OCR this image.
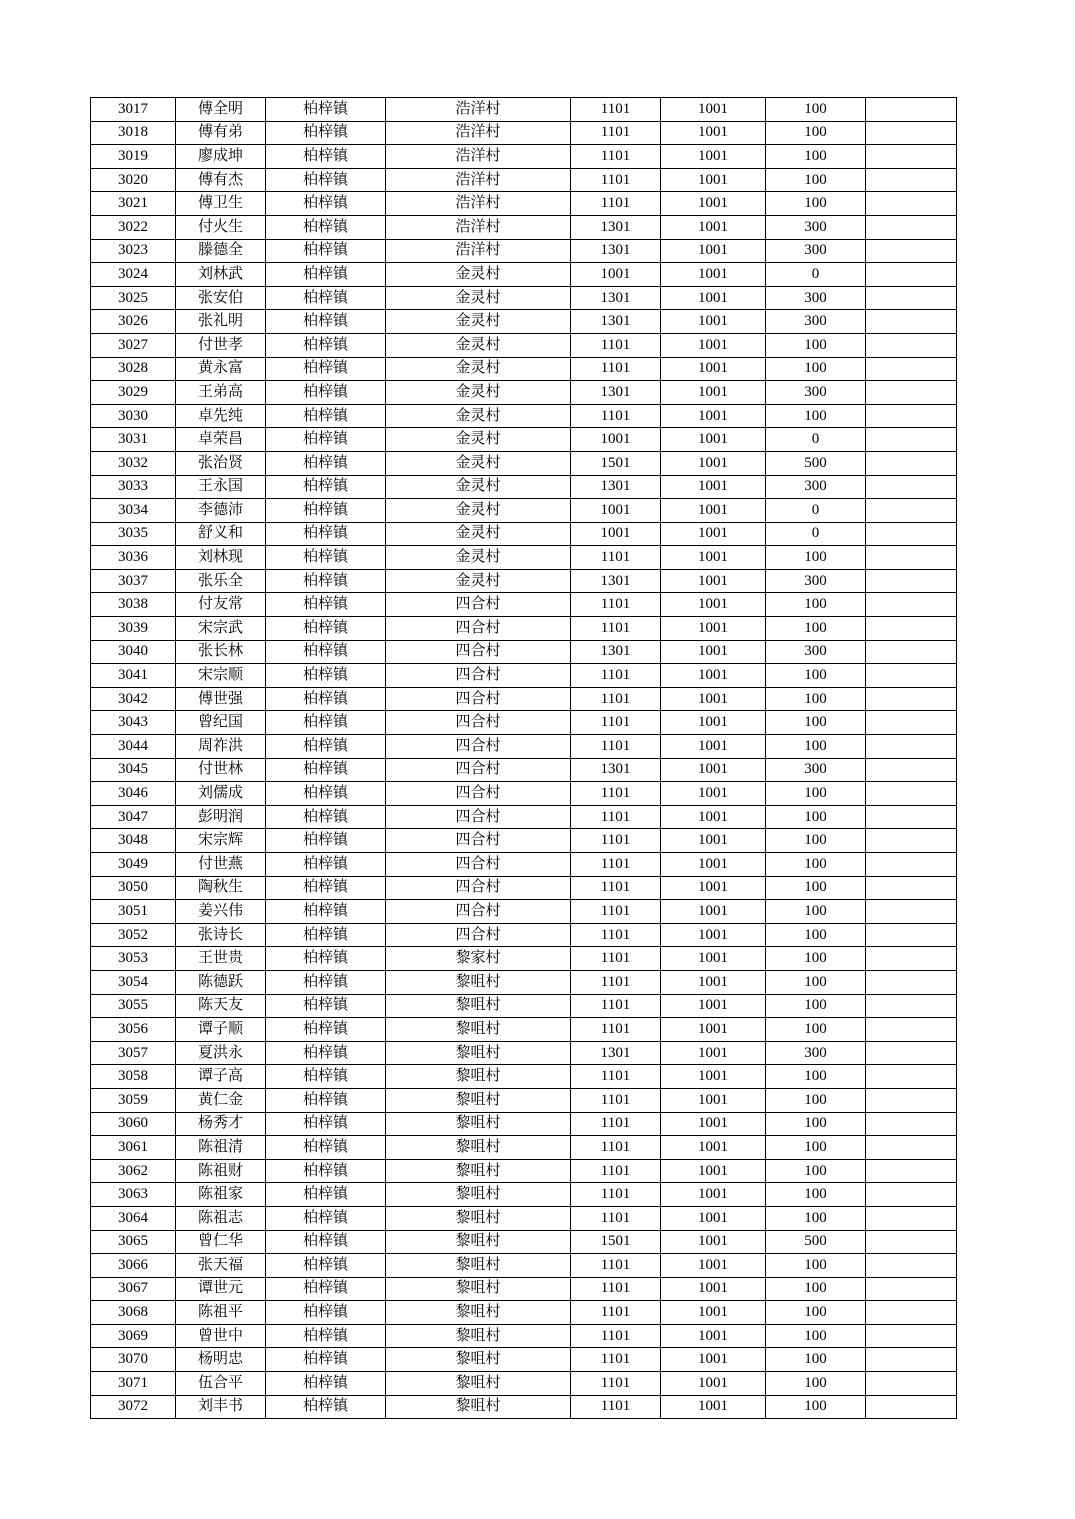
3017	傅全明	柏梓镇	浩洋村	1101	1001	100	
3018	傅有弟	柏梓镇	浩洋村	1101	1001	100	
3019	廖成坤	柏梓镇	浩洋村	1101	1001	100	
3020	傅有杰	柏梓镇	浩洋村	1101	1001	100	
3021	傅卫生	柏梓镇	浩洋村	1101	1001	100	
3022	付火生	柏梓镇	浩洋村	1301	1001	300	
3023	滕德全	柏梓镇	浩洋村	1301	1001	300	
3024	刘林武	柏梓镇	金灵村	1001	1001	0	
3025	张安伯	柏梓镇	金灵村	1301	1001	300	
3026	张礼明	柏梓镇	金灵村	1301	1001	300	
3027	付世孝	柏梓镇	金灵村	1101	1001	100	
3028	黄永富	柏梓镇	金灵村	1101	1001	100	
3029	王弟高	柏梓镇	金灵村	1301	1001	300	
3030	卓先纯	柏梓镇	金灵村	1101	1001	100	
3031	卓荣昌	柏梓镇	金灵村	1001	1001	0	
3032	张治贤	柏梓镇	金灵村	1501	1001	500	
3033	王永国	柏梓镇	金灵村	1301	1001	300	
3034	李德沛	柏梓镇	金灵村	1001	1001	0	
3035	舒义和	柏梓镇	金灵村	1001	1001	0	
3036	刘林现	柏梓镇	金灵村	1101	1001	100	
3037	张乐全	柏梓镇	金灵村	1301	1001	300	
3038	付友常	柏梓镇	四合村	1101	1001	100	
3039	宋宗武	柏梓镇	四合村	1101	1001	100	
3040	张长林	柏梓镇	四合村	1301	1001	300	
3041	宋宗顺	柏梓镇	四合村	1101	1001	100	
3042	傅世强	柏梓镇	四合村	1101	1001	100	
3043	曾纪国	柏梓镇	四合村	1101	1001	100	
3044	周祚洪	柏梓镇	四合村	1101	1001	100	
3045	付世林	柏梓镇	四合村	1301	1001	300	
3046	刘儒成	柏梓镇	四合村	1101	1001	100	
3047	彭明润	柏梓镇	四合村	1101	1001	100	
3048	宋宗辉	柏梓镇	四合村	1101	1001	100	
3049	付世燕	柏梓镇	四合村	1101	1001	100	
3050	陶秋生	柏梓镇	四合村	1101	1001	100	
3051	姜兴伟	柏梓镇	四合村	1101	1001	100	
3052	张诗长	柏梓镇	四合村	1101	1001	100	
3053	王世贵	柏梓镇	黎家村	1101	1001	100	
3054	陈德跃	柏梓镇	黎咀村	1101	1001	100	
3055	陈天友	柏梓镇	黎咀村	1101	1001	100	
3056	谭子顺	柏梓镇	黎咀村	1101	1001	100	
3057	夏洪永	柏梓镇	黎咀村	1301	1001	300	
3058	谭子高	柏梓镇	黎咀村	1101	1001	100	
3059	黄仁金	柏梓镇	黎咀村	1101	1001	100	
3060	杨秀才	柏梓镇	黎咀村	1101	1001	100	
3061	陈祖清	柏梓镇	黎咀村	1101	1001	100	
3062	陈祖财	柏梓镇	黎咀村	1101	1001	100	
3063	陈祖家	柏梓镇	黎咀村	1101	1001	100	
3064	陈祖志	柏梓镇	黎咀村	1101	1001	100	
3065	曾仁华	柏梓镇	黎咀村	1501	1001	500	
3066	张天福	柏梓镇	黎咀村	1101	1001	100	
3067	谭世元	柏梓镇	黎咀村	1101	1001	100	
3068	陈祖平	柏梓镇	黎咀村	1101	1001	100	
3069	曾世中	柏梓镇	黎咀村	1101	1001	100	
3070	杨明忠	柏梓镇	黎咀村	1101	1001	100	
3071	伍合平	柏梓镇	黎咀村	1101	1001	100	
3072	刘丰书	柏梓镇	黎咀村	1101	1001	100	
